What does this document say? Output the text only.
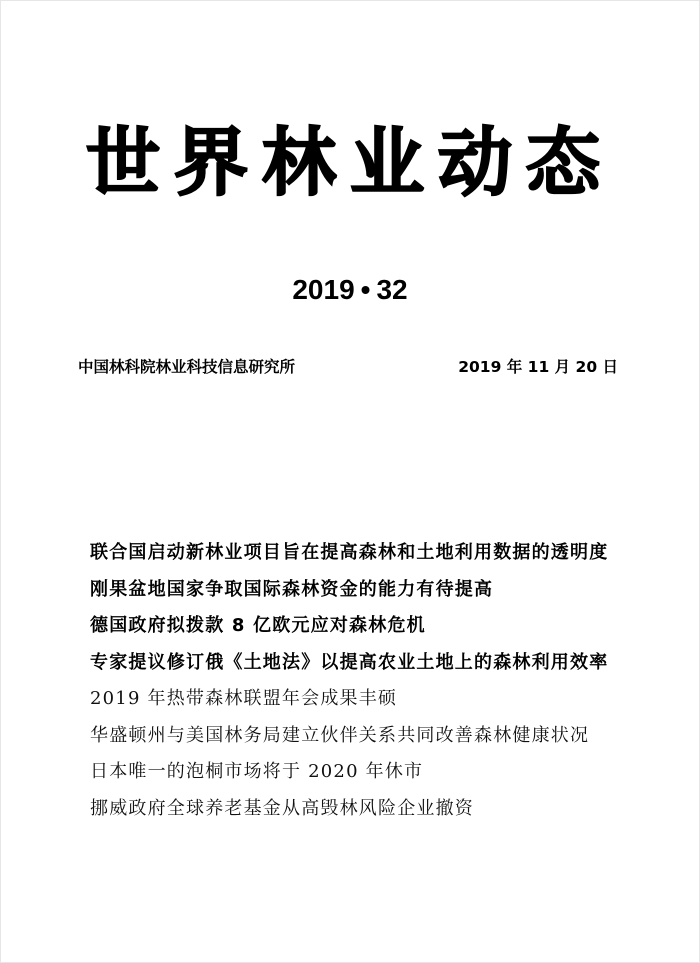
世界林业动态
2019 • 32
中国林科院林业科技信息研究所	2019 年 11 月 20 日
联合国启动新林业项目旨在提高森林和土地利用数据的透明度
刚果盆地国家争取国际森林资金的能力有待提高
德国政府拟拨款 8 亿欧元应对森林危机
专家提议修订俄《土地法》以提高农业土地上的森林利用效率
2019 年热带森林联盟年会成果丰硕
华盛顿州与美国林务局建立伙伴关系共同改善森林健康状况
日本唯一的泡桐市场将于 2020 年休市
挪威政府全球养老基金从高毁林风险企业撤资
